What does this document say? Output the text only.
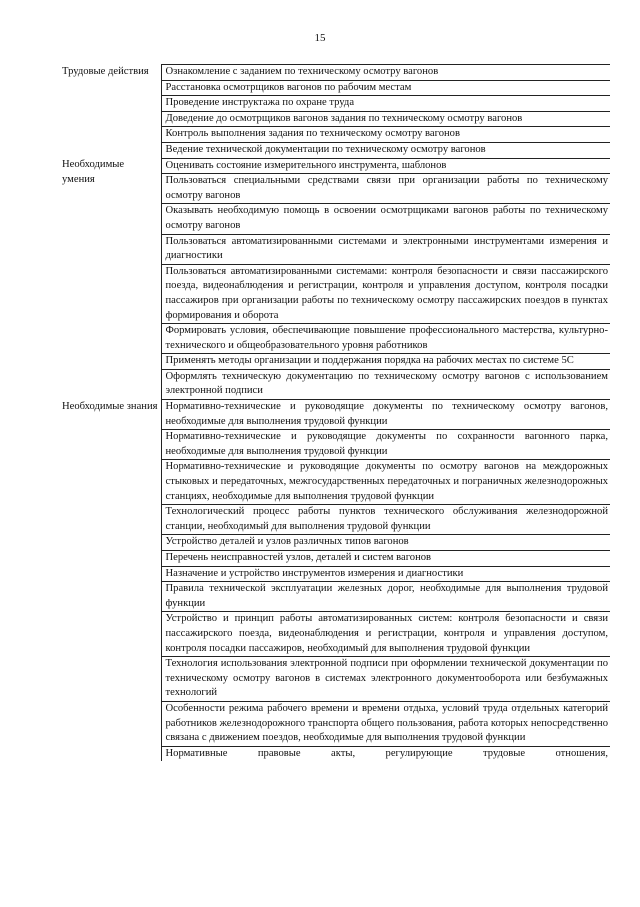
15
Трудовые действия	Ознакомление с заданием по техническому осмотру вагонов

	Расстановка осмотрщиков вагонов по рабочим местам

	Проведение инструктажа по охране труда

	Доведение до осмотрщиков вагонов задания по техническому осмотру вагонов

	Контроль выполнения задания по техническому осмотру вагонов

	Ведение технической документации по техническому осмотру вагонов

Необходимые умения	Оценивать состояние измерительного инструмента, шаблонов

	Пользоваться специальными средствами связи при организации работы по техническому осмотру вагонов

	Оказывать необходимую помощь в освоении осмотрщиками вагонов работы по техническому осмотру вагонов

	Пользоваться автоматизированными системами и электронными инструментами измерения и диагностики

	Пользоваться автоматизированными системами: контроля безопасности и связи пассажирского поезда, видеонаблюдения и регистрации, контроля и управления доступом, контроля посадки пассажиров при организации работы по техническому осмотру пассажирских поездов в пунктах формирования и оборота

	Формировать условия, обеспечивающие повышение профессионального мастерства, культурно-технического и общеобразовательного уровня работников

	Применять методы организации и поддержания порядка на рабочих местах по системе 5С

	Оформлять техническую документацию по техническому осмотру вагонов с использованием электронной подписи

Необходимые знания	Нормативно-технические и руководящие документы по техническому осмотру вагонов, необходимые для выполнения трудовой функции

	Нормативно-технические и руководящие документы по сохранности вагонного парка, необходимые для выполнения трудовой функции

	Нормативно-технические и руководящие документы по осмотру вагонов на междорожных стыковых и передаточных, межгосударственных передаточных и пограничных железнодорожных станциях, необходимые для выполнения трудовой функции

	Технологический процесс работы пунктов технического обслуживания железнодорожной станции, необходимый для выполнения трудовой функции

	Устройство деталей и узлов различных типов вагонов

	Перечень неисправностей узлов, деталей и систем вагонов

	Назначение и устройство инструментов измерения и диагностики

	Правила технической эксплуатации железных дорог, необходимые для выполнения трудовой функции

	Устройство и принцип работы автоматизированных систем: контроля безопасности и связи пассажирского поезда, видеонаблюдения и регистрации, контроля и управления доступом, контроля посадки пассажиров, необходимый для выполнения трудовой функции

	Технология использования электронной подписи при оформлении технической документации по техническому осмотру вагонов в системах электронного документооборота или безбумажных технологий

	Особенности режима рабочего времени и времени отдыха, условий труда отдельных категорий работников железнодорожного транспорта общего пользования, работа которых непосредственно связана с движением поездов, необходимые для выполнения трудовой функции

	Нормативные правовые акты, регулирующие трудовые отношения,
